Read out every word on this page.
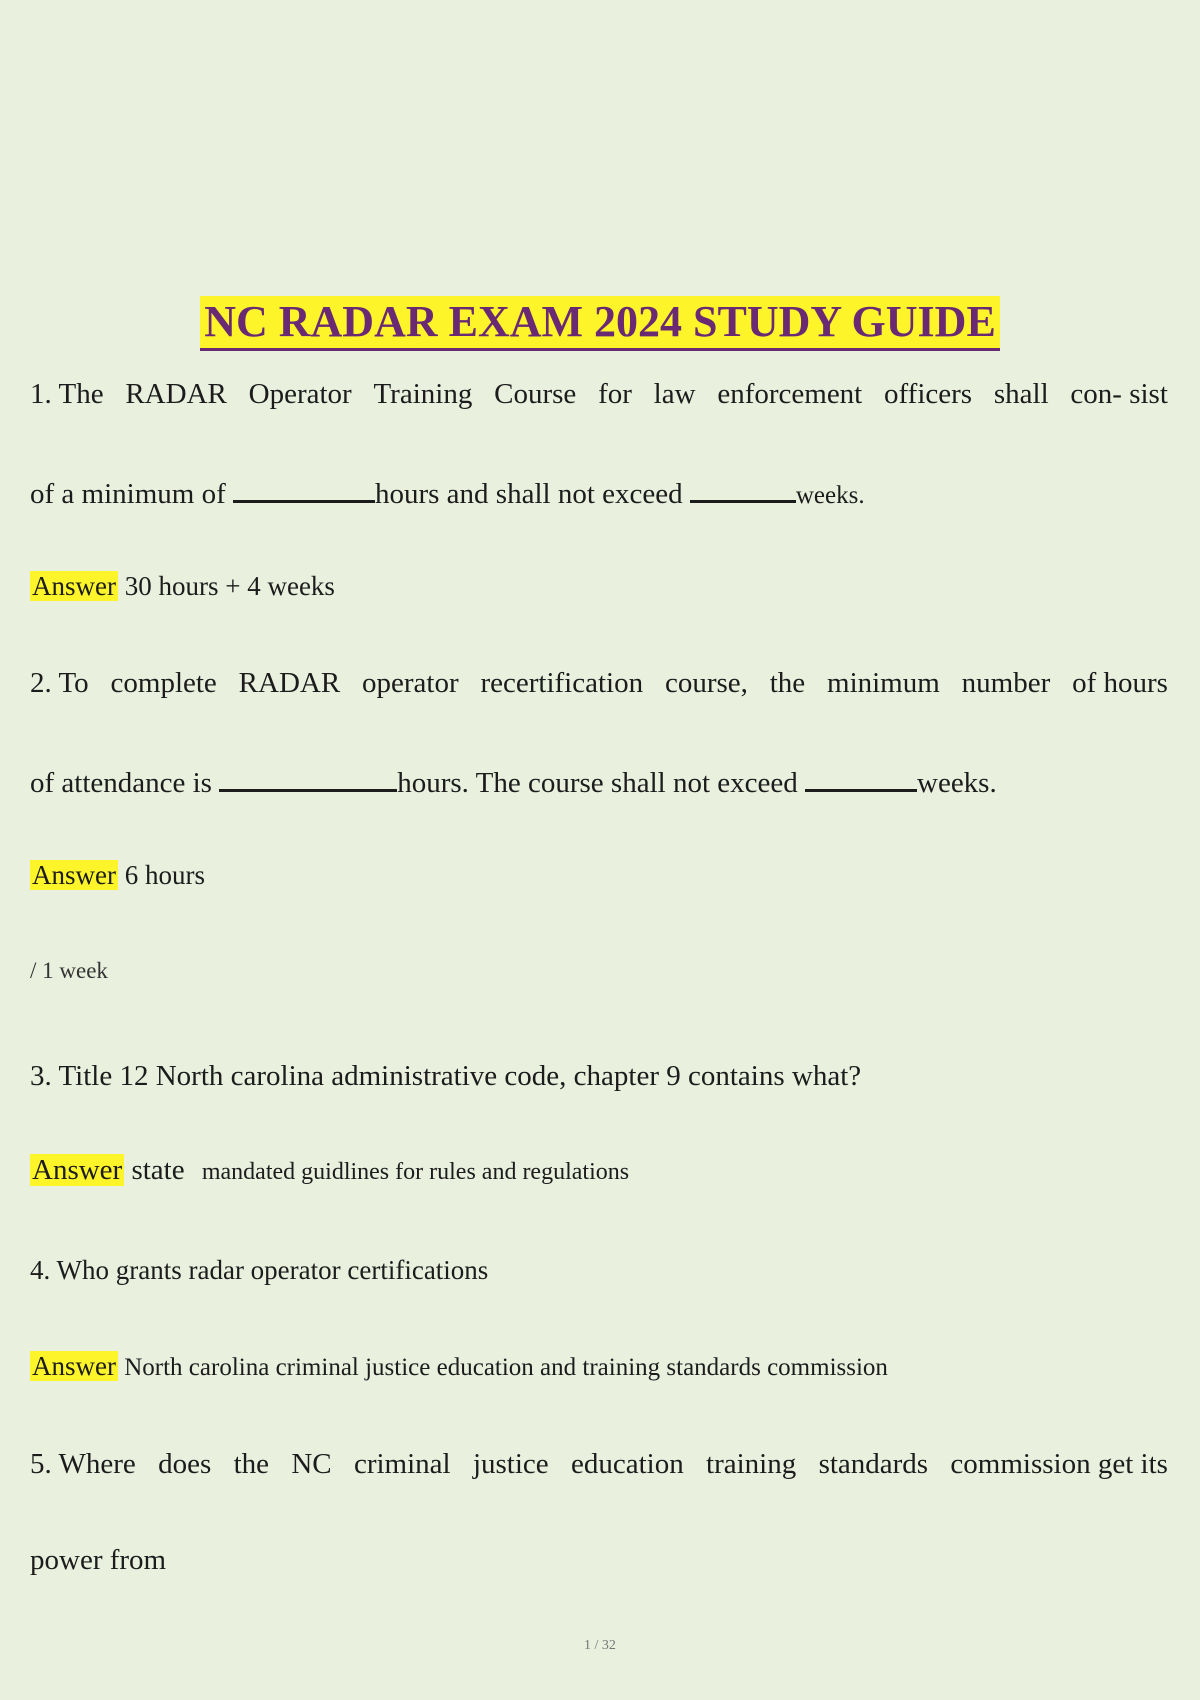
NC RADAR EXAM 2024 STUDY GUIDE
1. The RADAR Operator Training Course for law enforcement officers shall con- sist
of a minimum of	hours and shall not exceed	weeks.
Answer 30 hours + 4 weeks
2. To complete RADAR operator recertification course, the minimum number of hours
of attendance is	hours. The course shall not exceed	weeks.
Answer 6 hours
/ 1 week
3. Title 12 North carolina administrative code, chapter 9 contains what?
Answer state mandated guidlines for rules and regulations
4. Who grants radar operator certifications
Answer North carolina criminal justice education and training standards commission
5. Where does the NC criminal justice education training standards commission get its
power from
1 / 32
